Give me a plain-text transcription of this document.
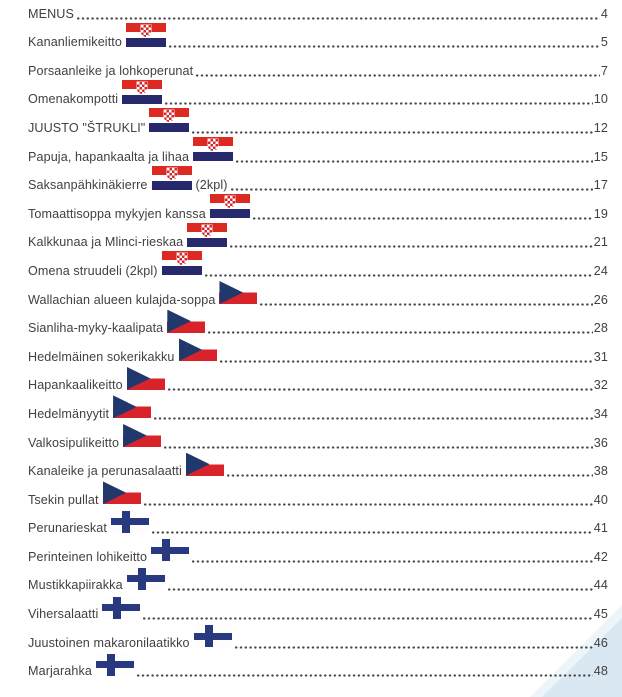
MENUS	4
Kananliemikeitto	5
Porsaanleike ja lohkoperunat	7
Omenakompotti	10
JUUSTO "ŠTRUKLI"	12
Papuja, hapankaalta ja lihaa	15
Saksanpähkinäkierre	(2kpl)	17
Tomaattisoppa mykyjen kanssa	19
Kalkkunaa ja Mlinci-rieskaa	21
Omena struudeli (2kpl)	24
Wallachian alueen kulajda-soppa	26
Sianliha-myky-kaalipata	28
Hedelmäinen sokerikakku	31
Hapankaalikeitto	32
Hedelmänyytit	34
Valkosipulikeitto	36
Kanaleike ja perunasalaatti	38
Tsekin pullat	40
Perunarieskat	41
Perinteinen lohikeitto	42
Mustikkapiirakka	44
Vihersalaatti	45
Juustoinen makaronilaatikko	46
Marjarahka	48
